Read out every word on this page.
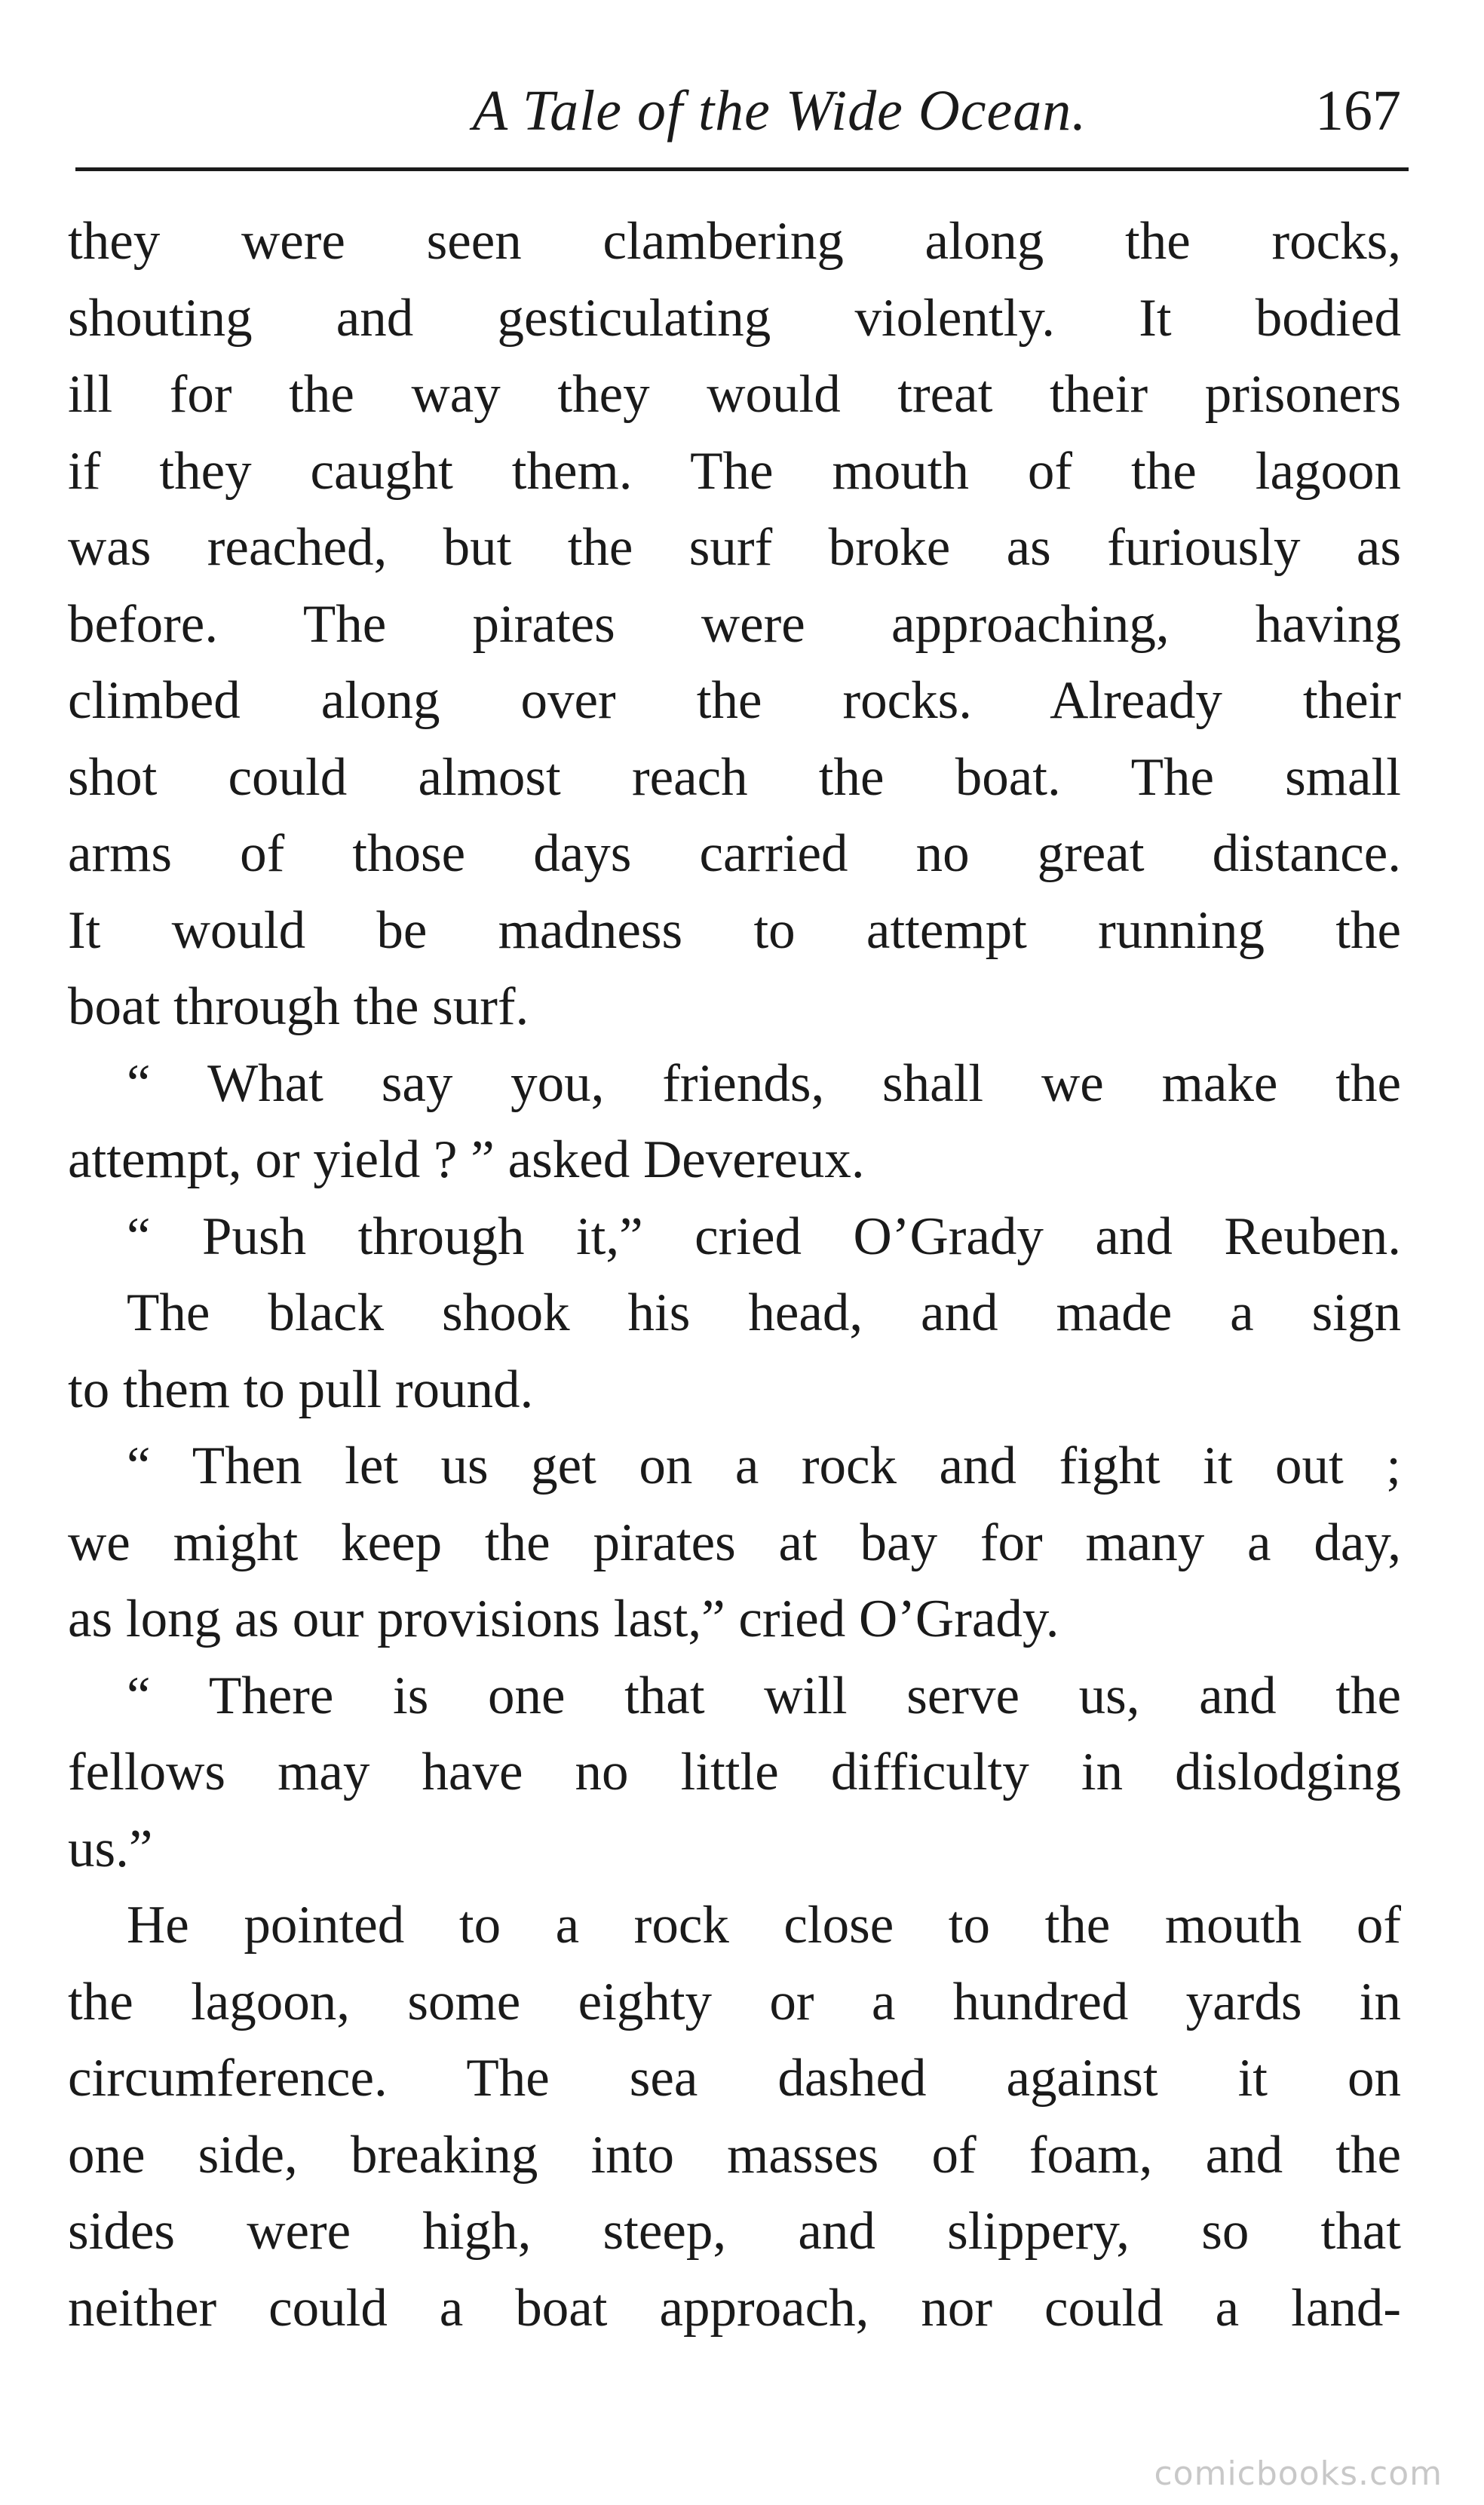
A Tale of the Wide Ocean.	167
they were seen clambering along the rocks,
shouting and gesticulating violently. It bodied
ill for the way they would treat their prisoners
if they caught them. The mouth of the lagoon
was reached, but the surf broke as furiously as
before. The pirates were approaching, having
climbed along over the rocks. Already their
shot could almost reach the boat. The small
arms of those days carried no great distance.
It would be madness to attempt running the
boat through the surf.
“ What say you, friends, shall we make the
attempt, or yield ? ” asked Devereux.
“ Push through it,” cried O’Grady and Reuben.
The black shook his head, and made a sign
to them to pull round.
“ Then let us get on a rock and fight it out ;
we might keep the pirates at bay for many a day,
as long as our provisions last,” cried O’Grady.
“ There is one that will serve us, and the
fellows may have no little difficulty in dislodging
us.”
He pointed to a rock close to the mouth of
the lagoon, some eighty or a hundred yards in
circumference. The sea dashed against it on
one side, breaking into masses of foam, and the
sides were high, steep, and slippery, so that
neither could a boat approach, nor could a land-
comicbooks.com
